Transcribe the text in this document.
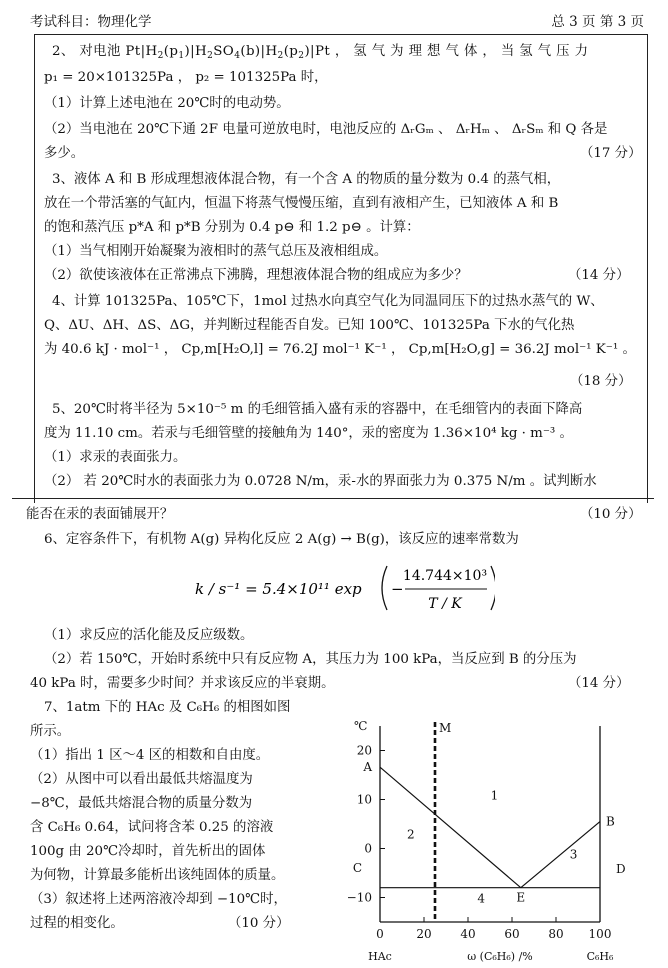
考试科目：物理化学	总 3 页 第 3 页
2、 对电池 $Pt|H_2(p_1)|H_2SO_4(b)|H_2(p_2)|Pt$ ， 氢 气 为 理 想 气 体 ， 当 氢 气 压 力
p₁ = 20×101325Pa ， p₂ = 101325Pa 时，
（1）计算上述电池在 20℃时的电动势。
（2）当电池在 20℃下通 2F 电量可逆放电时，电池反应的 ΔᵣGₘ 、 ΔᵣHₘ 、 ΔᵣSₘ 和 Q 各是
多少。	（17 分）
3、液体 A 和 B 形成理想液体混合物，有一个含 A 的物质的量分数为 0.4 的蒸气相，
放在一个带活塞的气缸内，恒温下将蒸气慢慢压缩，直到有液相产生，已知液体 A 和 B
的饱和蒸汽压 p*A 和 p*B 分别为 0.4 p⊖ 和 1.2 p⊖ 。计算：
（1）当气相刚开始凝聚为液相时的蒸气总压及液相组成。
（2）欲使该液体在正常沸点下沸腾，理想液体混合物的组成应为多少？	（14 分）
4、计算 101325Pa、105℃下，1mol 过热水向真空气化为同温同压下的过热水蒸气的 W、
Q、ΔU、ΔH、ΔS、ΔG，并判断过程能否自发。已知 100℃、101325Pa 下水的气化热
为 40.6 kJ · mol⁻¹ ， Cp,m[H₂O,l] = 76.2J mol⁻¹ K⁻¹ ， Cp,m[H₂O,g] = 36.2J mol⁻¹ K⁻¹ 。
（18 分）
5、20℃时将半径为 5×10⁻⁵ m 的毛细管插入盛有汞的容器中，在毛细管内的表面下降高
度为 11.10 cm。若汞与毛细管壁的接触角为 140°，汞的密度为 1.36×10⁴ kg · m⁻³ 。
（1）求汞的表面张力。
（2） 若 20℃时水的表面张力为 0.0728 N/m，汞-水的界面张力为 0.375 N/m 。试判断水
能否在汞的表面铺展开？	（10 分）
6、定容条件下，有机物 A(g) 异构化反应 2 A(g) → B(g)，该反应的速率常数为
k / s⁻¹ = 5.4×10¹¹ exp −
14.744×10³
T / K
（1）求反应的活化能及反应级数。
（2）若 150℃，开始时系统中只有反应物 A，其压力为 100 kPa，当反应到 B 的分压为
40 kPa 时，需要多少时间？并求该反应的半衰期。	（14 分）
7、1atm 下的 HAc 及 C₆H₆ 的相图如图
所示。
（1）指出 1 区～4 区的相数和自由度。
（2）从图中可以看出最低共熔温度为
−8℃，最低共熔混合物的质量分数为
含 C₆H₆ 0.64，试问将含苯 0.25 的溶液
100g 由 20℃冷却时，首先析出的固体
为何物，计算最多能析出该纯固体的质量。
（3）叙述将上述两溶液冷却到 −10℃时，
过程的相变化。	（10 分）
℃
−10
0
10
20
0	20 40 60 80 100
HAc	C₆H₆
ω (C₆H₆) /%
A
B
E
C	D
M
1
2
3
4
